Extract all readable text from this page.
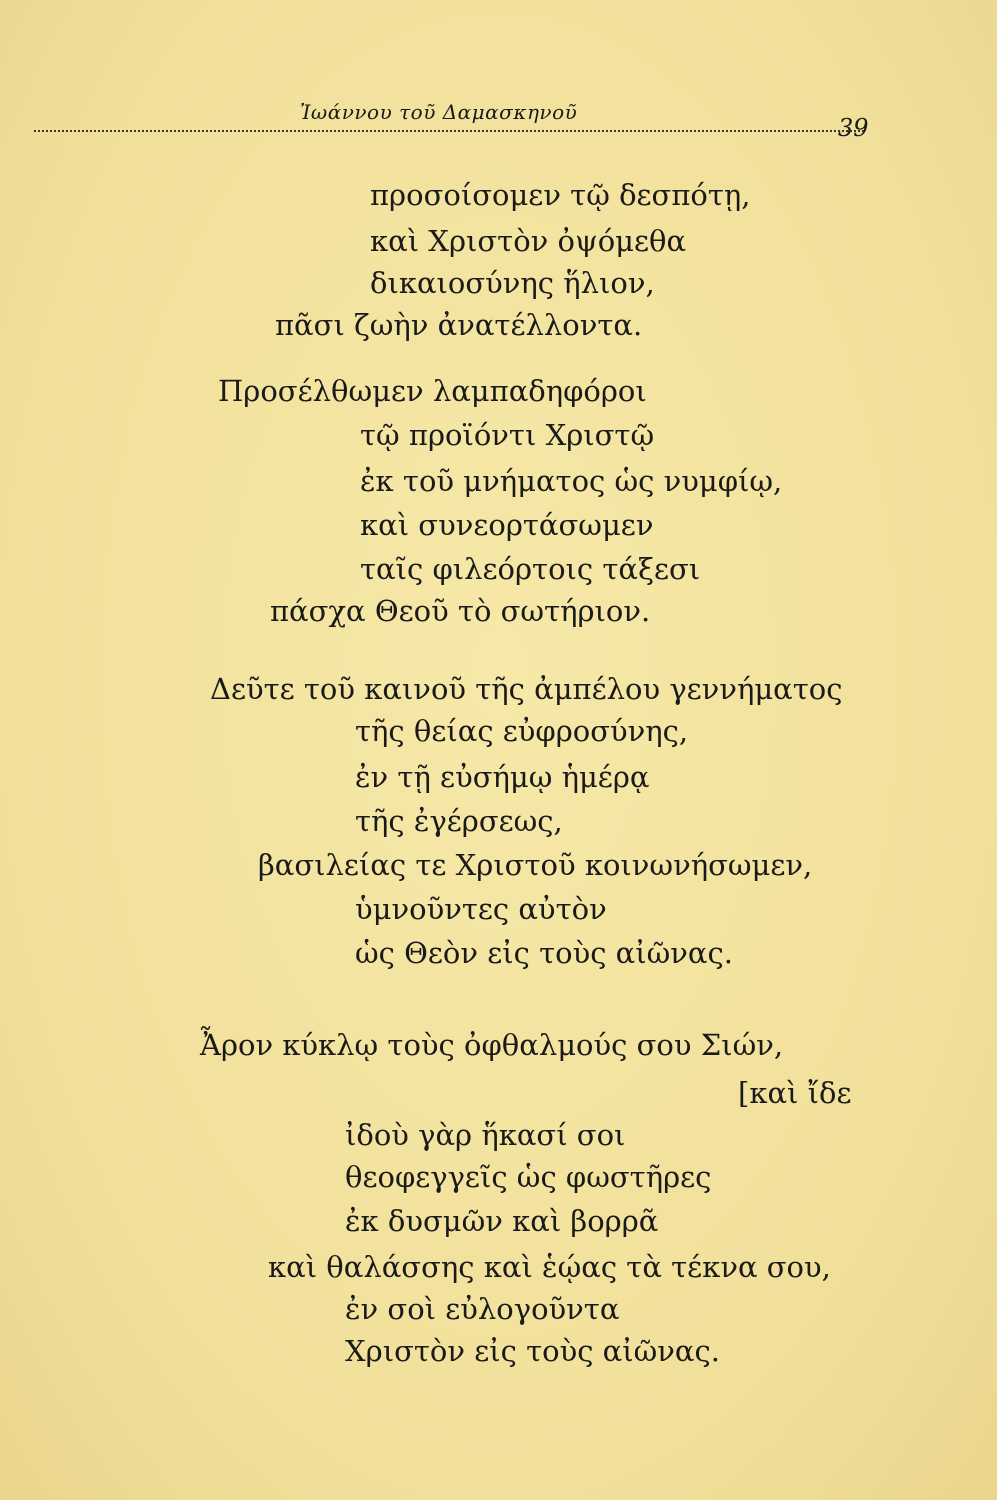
Ἰωάννου τοῦ Δαμασκηνοῦ
39
προσοίσομεν τῷ δεσπότῃ,
καὶ Χριστὸν ὀψόμεθα
δικαιοσύνης ἥλιον,
πᾶσι ζωὴν ἀνατέλλοντα.
Προσέλθωμεν λαμπαδηφόροι
τῷ προϊόντι Χριστῷ
ἐκ τοῦ μνήματος ὡς νυμφίῳ,
καὶ συνεορτάσωμεν
ταῖς φιλεόρτοις τάξεσι
πάσχα Θεοῦ τὸ σωτήριον.
Δεῦτε τοῦ καινοῦ τῆς ἀμπέλου γεννήματος
τῆς θείας εὐφροσύνης,
ἐν τῇ εὐσήμῳ ἡμέρᾳ
τῆς ἐγέρσεως,
βασιλείας τε Χριστοῦ κοινωνήσωμεν,
ὑμνοῦντες αὐτὸν
ὡς Θεὸν εἰς τοὺς αἰῶνας.
Ἆρον κύκλῳ τοὺς ὀφθαλμούς σου Σιών,
[καὶ ἴδε
ἰδοὺ γὰρ ἥκασί σοι
θεοφεγγεῖς ὡς φωστῆρες
ἐκ δυσμῶν καὶ βορρᾶ
καὶ θαλάσσης καὶ ἑῴας τὰ τέκνα σου,
ἐν σοὶ εὐλογοῦντα
Χριστὸν εἰς τοὺς αἰῶνας.
